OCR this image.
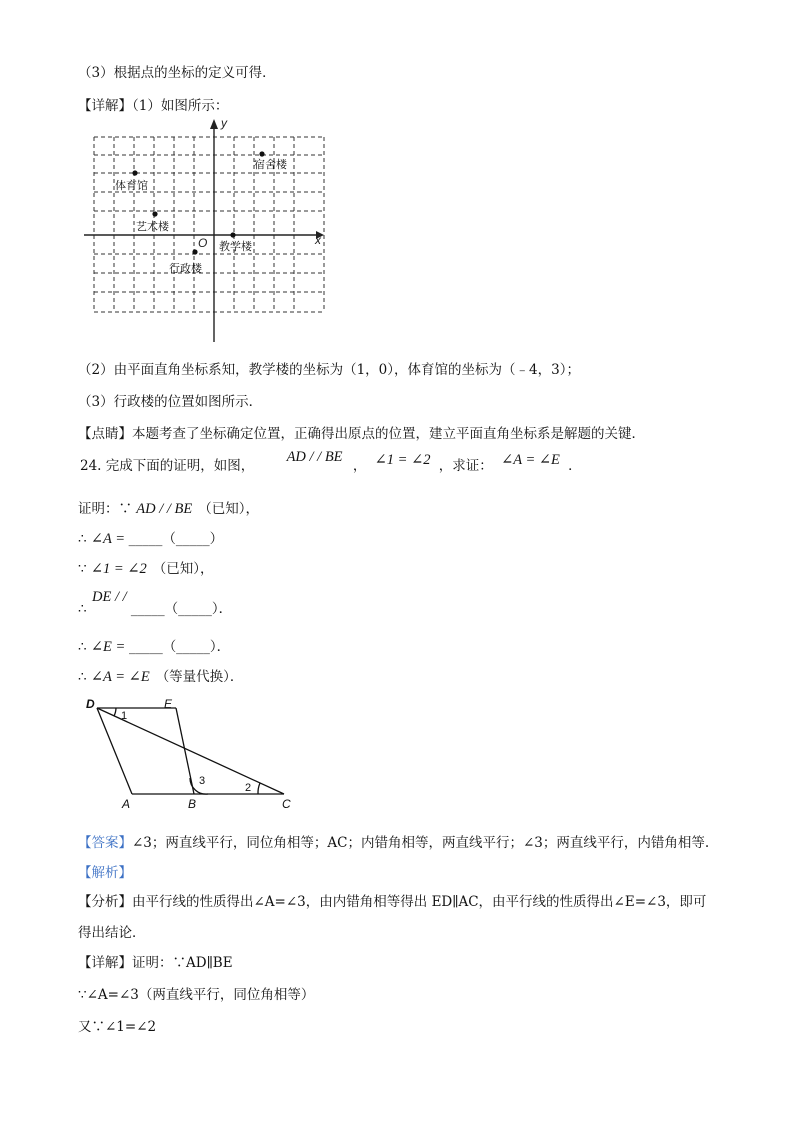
（3）根据点的坐标的定义可得．
【详解】（1）如图所示：
x
y
O
宿舍楼
体育馆
艺术楼
教学楼
行政楼
（2）由平面直角坐标系知，教学楼的坐标为（1，0），体育馆的坐标为（﹣4，3）；
（3）行政楼的位置如图所示．
【点睛】本题考查了坐标确定位置，正确得出原点的位置，建立平面直角坐标系是解题的关键．
24. 完成下面的证明，如图， AD / / BE ， ∠1 = ∠2 ，求证： ∠A = ∠E ．
证明：∵ AD / / BE （已知），
∴ ∠A = _____（_____）
∵ ∠1 = ∠2 （已知），
DE / /
∴	_____（_____）．
∴ ∠E = _____（_____）．
∴ ∠A = ∠E （等量代换）．
D	E
A	B	C
1
3
2
【答案】∠3；两直线平行，同位角相等；AC；内错角相等，两直线平行；∠3；两直线平行，内错角相等.
【解析】
【分析】由平行线的性质得出∠A=∠3，由内错角相等得出 ED∥AC，由平行线的性质得出∠E=∠3，即可
得出结论．
【详解】证明：∵AD∥BE
∵∠A=∠3（两直线平行，同位角相等）
又∵∠1=∠2
